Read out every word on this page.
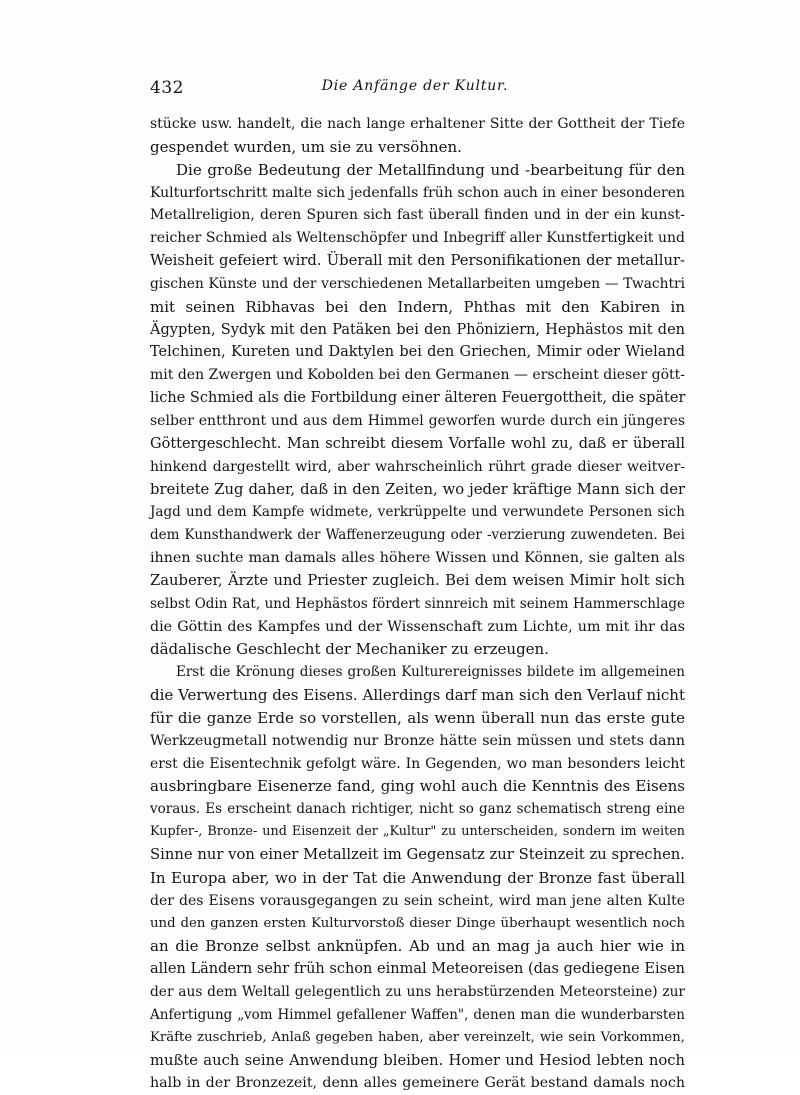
432	Die Anfänge der Kultur.
stücke usw. handelt, die nach lange erhaltener Sitte der Gottheit der Tiefe
gespendet wurden, um sie zu versöhnen.
Die große Bedeutung der Metallfindung und -bearbeitung für den
Kulturfortschritt malte sich jedenfalls früh schon auch in einer besonderen
Metallreligion, deren Spuren sich fast überall finden und in der ein kunst-
reicher Schmied als Weltenschöpfer und Inbegriff aller Kunstfertigkeit und
Weisheit gefeiert wird. Überall mit den Personifikationen der metallur-
gischen Künste und der verschiedenen Metallarbeiten umgeben — Twachtri
mit seinen Ribhavas bei den Indern, Phthas mit den Kabiren in
Ägypten, Sydyk mit den Patäken bei den Phöniziern, Hephästos mit den
Telchinen, Kureten und Daktylen bei den Griechen, Mimir oder Wieland
mit den Zwergen und Kobolden bei den Germanen — erscheint dieser gött-
liche Schmied als die Fortbildung einer älteren Feuergottheit, die später
selber entthront und aus dem Himmel geworfen wurde durch ein jüngeres
Göttergeschlecht. Man schreibt diesem Vorfalle wohl zu, daß er überall
hinkend dargestellt wird, aber wahrscheinlich rührt grade dieser weitver-
breitete Zug daher, daß in den Zeiten, wo jeder kräftige Mann sich der
Jagd und dem Kampfe widmete, verkrüppelte und verwundete Personen sich
dem Kunsthandwerk der Waffenerzeugung oder -verzierung zuwendeten. Bei
ihnen suchte man damals alles höhere Wissen und Können, sie galten als
Zauberer, Ärzte und Priester zugleich. Bei dem weisen Mimir holt sich
selbst Odin Rat, und Hephästos fördert sinnreich mit seinem Hammerschlage
die Göttin des Kampfes und der Wissenschaft zum Lichte, um mit ihr das
dädalische Geschlecht der Mechaniker zu erzeugen.
Erst die Krönung dieses großen Kulturereignisses bildete im allgemeinen
die Verwertung des Eisens. Allerdings darf man sich den Verlauf nicht
für die ganze Erde so vorstellen, als wenn überall nun das erste gute
Werkzeugmetall notwendig nur Bronze hätte sein müssen und stets dann
erst die Eisentechnik gefolgt wäre. In Gegenden, wo man besonders leicht
ausbringbare Eisenerze fand, ging wohl auch die Kenntnis des Eisens
voraus. Es erscheint danach richtiger, nicht so ganz schematisch streng eine
Kupfer-, Bronze- und Eisenzeit der „Kultur" zu unterscheiden, sondern im weiten
Sinne nur von einer Metallzeit im Gegensatz zur Steinzeit zu sprechen.
In Europa aber, wo in der Tat die Anwendung der Bronze fast überall
der des Eisens vorausgegangen zu sein scheint, wird man jene alten Kulte
und den ganzen ersten Kulturvorstoß dieser Dinge überhaupt wesentlich noch
an die Bronze selbst anknüpfen. Ab und an mag ja auch hier wie in
allen Ländern sehr früh schon einmal Meteoreisen (das gediegene Eisen
der aus dem Weltall gelegentlich zu uns herabstürzenden Meteorsteine) zur
Anfertigung „vom Himmel gefallener Waffen", denen man die wunderbarsten
Kräfte zuschrieb, Anlaß gegeben haben, aber vereinzelt, wie sein Vorkommen,
mußte auch seine Anwendung bleiben. Homer und Hesiod lebten noch
halb in der Bronzezeit, denn alles gemeinere Gerät bestand damals noch
